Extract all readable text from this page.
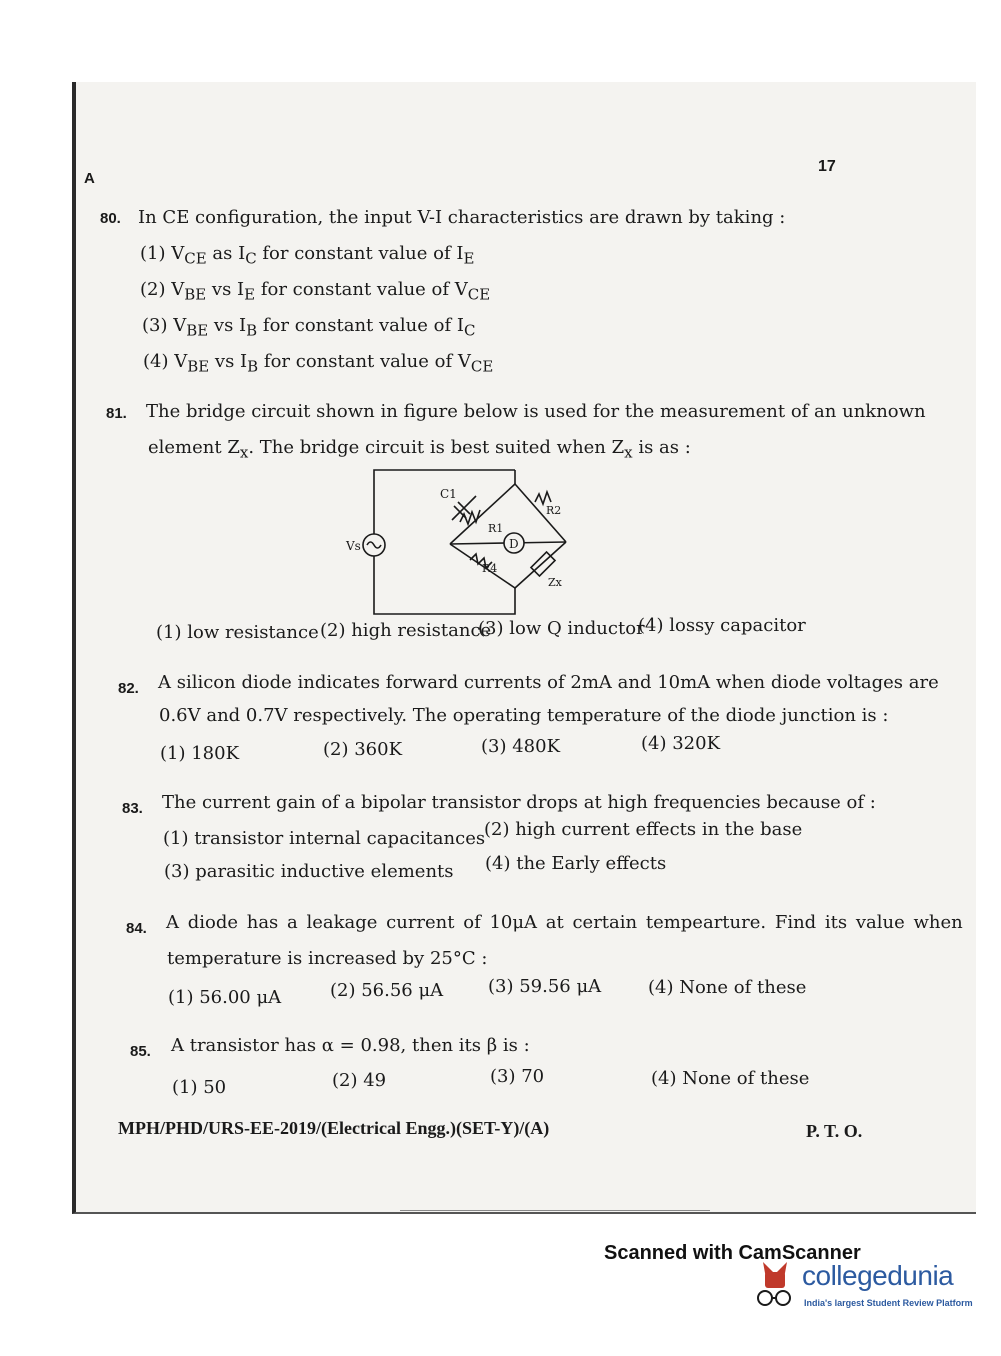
A
17
80. In CE configuration, the input V-I characteristics are drawn by taking :
(1) $V_{CE}$ as $I_C$ for constant value of $I_E$
(2) $V_{BE}$ vs $I_E$ for constant value of $V_{CE}$
(3) $V_{BE}$ vs $I_B$ for constant value of $I_C$
(4) $V_{BE}$ vs $I_B$ for constant value of $V_{CE}$
81. The bridge circuit shown in figure below is used for the measurement of an unknown
element $Z_x$. The bridge circuit is best suited when $Z_x$ is as :
C1
R1
R2
R4
D
Zx
Vs
~
(1) low resistance (2) high resistance
(3) low Q inductor
(4) lossy capacitor
82. A silicon diode indicates forward currents of 2mA and 10mA when diode voltages are
0.6V and 0.7V respectively. The operating temperature of the diode junction is :
(1) 180K	(2) 360K	(3) 480K	(4) 320K
83. The current gain of a bipolar transistor drops at high frequencies because of :
(1) transistor internal capacitances
(2) high current effects in the base
(3) parasitic inductive elements (4) the Early effects
84. A diode has a leakage current of 10μA at certain tempearture. Find its value when
temperature is increased by 25°C :
(1) 56.00 μA	(2) 56.56 μA (3) 59.56 μA	(4) None of these
85. A transistor has α = 0.98, then its β is :
(1) 50	(2) 49	(3) 70	(4) None of these
MPH/PHD/URS-EE-2019/(Electrical Engg.)(SET-Y)/(A)	P. T. O.
Scanned with CamScanner
collegedunia
India's largest Student Review Platform
